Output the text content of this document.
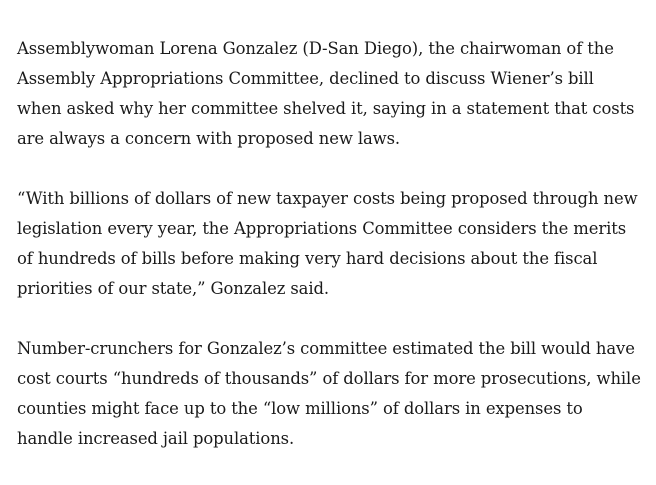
Assemblywoman Lorena Gonzalez (D-San Diego), the chairwoman of the Assembly Appropriations Committee, declined to discuss Wiener’s bill when asked why her committee shelved it, saying in a statement that costs are always a concern with proposed new laws.

“With billions of dollars of new taxpayer costs being proposed through new legislation every year, the Appropriations Committee considers the merits of hundreds of bills before making very hard decisions about the fiscal priorities of our state,” Gonzalez said.

Number-crunchers for Gonzalez’s committee estimated the bill would have cost courts “hundreds of thousands” of dollars for more prosecutions, while counties might face up to the “low millions” of dollars in expenses to handle increased jail populations.
